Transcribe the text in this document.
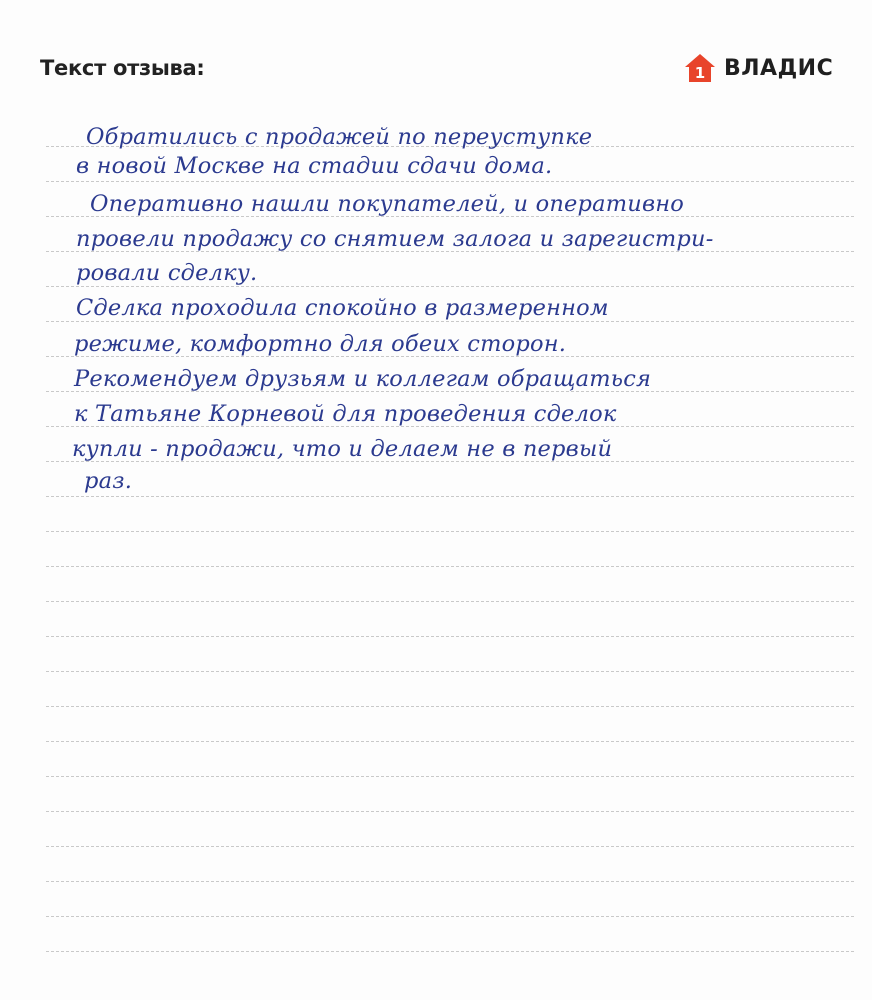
Текст отзыва:	1 ВЛАДИС
Обратились с продажей по переуступке
в новой Москве на стадии сдачи дома.
Оперативно нашли покупателей, и оперативно
провели продажу со снятием залога и зарегистри-
ровали сделку.
Сделка проходила спокойно в размеренном
режиме, комфортно для обеих сторон.
Рекомендуем друзьям и коллегам обращаться
к Татьяне Корневой для проведения сделок
купли - продажи, что и делаем не в первый
раз.
